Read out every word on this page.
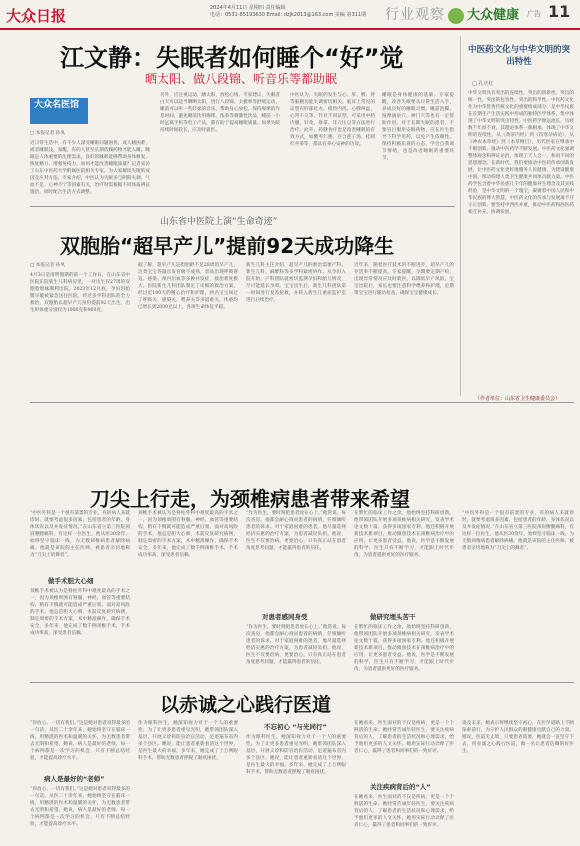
大众日报	2024年4月11日 星期四 责任编辑
电话：0531-85193630 Email: dzjk2013@163.com 美编 第311期 行业观察	大众健康 广告 11
江文静：失眠者如何睡个“好”觉
晒太阳、做八段锦、听音乐等都助眠
大众名医馆
□ 本报记者 孙凤
近日常生活中，有不少人深受睡眠问题困扰，或人睡困难，或者睡眠浅，易醒，有的人甚至长期依赖药物才能入睡。睡眠是人体重要的生理需求，良好的睡眠能够帮助身体修复、恢复精力、增强免疫力。如何才能改善睡眠质量？记者采访了山东中医药大学附属医院相关专家，为大家解读失眠的成因及应对方法。专家介绍，中医认为失眠多与阴阳失调、气血不足、心神不宁等因素有关，治疗时需根据不同体质辨证施治，同时配合生活方式调整。
另外，应注重运动，晒太阳，放松心情。专家建议，失眠者白天可以适当晒晒太阳，进行八段锦、太极拳等舒缓运动，睡前可以听一些轻柔的音乐，帮助身心放松。保持规律的作息时间，避免睡前饮用咖啡、浓茶等刺激性饮品，睡前一小时远离手机等电子产品，都有助于提高睡眠质量。如果失眠持续时间较长，应及时就医。
中医认为，失眠的发生与心、肝、脾、肾等脏腑功能失调密切相关。临床上常见的证型有肝郁化火、痰热内扰、心脾两虚、心肾不交等。针对不同证型，可采用中药内服、针灸、推拿、耳穴压豆等方法进行治疗。此外，药膳食疗也是改善睡眠的有效方式，如酸枣仁粥、百合莲子汤、桂圆红枣茶等，都具有养心安神的功效。
睡眠是身体健康的基础。专家提醒，改善失眠要从日常生活入手，养成良好的睡眠习惯。睡前泡脚、按摩涌泉穴、神门穴等也有一定帮助作用。对于长期失眠的患者，不要盲目服用安眠药物，应在医生指导下科学用药，以免产生依赖性。保持积极乐观的心态，学会自我调节情绪，也是改善睡眠的重要环节。
中医药文化与中华文明的突出特性
□ 孔庆红
中华文明具有突出的连续性、突出的创新性、突出的统一性、突出的包容性、突出的和平性。中医药文化作为中华优秀传统文化的重要组成部分，是中华民族在长期生产生活实践中形成的独特医学体系，集中体现了中华文明的突出特性。中医药学源远流长，历经数千年而不衰，其理论体系一脉相承，体现了中华文明的连续性。从《黄帝内经》到《伤寒杂病论》，从《神农本草经》到《本草纲目》，历代医家在继承中不断创新，推动中医药学不断发展。中医药文化强调整体观念和辨证论治，体现了天人合一、和而不同的思想理念。在新时代，我们要推动中医药传承创新发展，让中医药文化更好地服务人民健康，为建设健康中国、推动构建人类卫生健康共同体贡献力量。中医药学包含着中华民族几千年的健康养生理念及其实践经验，是中华文明的一个瑰宝，凝聚着中国人民和中华民族的博大智慧。中医药文化的传承与发展离不开守正创新，要坚持中西医并重，推动中医药和西医药相互补充、协调发展。
（作者单位：山东省卫生健康委员会）
山东省中医院上演“生命奇迹”
双胞胎“超早产儿”提前92天成功降生
□ 本报记者 孙凤
4月3日是清明假期的前一个工作日，在山东省中医院东院新生儿科病房里，一对出生仅27周的双胞胎姐妹顺利出院。2023年12月底，孕妇因胎膜早破被紧急送往医院，经过多学科团队的全力救治，双胞胎以超早产儿身份提前92天出生，出生时体重分别仅为1000克和960克。
据了解，超早产儿是指胎龄不足28周的早产儿，这类宝宝各器官发育极不成熟，容易出现呼吸窘迫、感染、颅内出血等多种并发症，救治难度极大。医院新生儿科团队制定了详细的救治方案，经过近100天的精心治疗和护理，两名宝宝闯过了呼吸关、感染关、喂养关等多道难关，体重均已增长到2000克以上，各项生命体征平稳。
新生儿科主任介绍，超早产儿的救治需要产科、新生儿科、麻醉科等多学科紧密协作。从孕妇入院开始，产科团队就密切监测孕妇和胎儿情况，尽可能延长孕周。宝宝出生后，新生儿科团队第一时间进行复苏抢救，并转入新生儿重症监护室进行后续治疗。
近年来，随着医疗技术的不断进步，超早产儿的存活率不断提高。专家提醒，孕期要定期产检，出现异常情况应及时就医，以降低早产风险。宝宝出院后，家长也要注意科学喂养和护理，定期带宝宝进行随访检查，确保宝宝健康成长。
刀尖上行走，为颈椎病患者带来希望
“中医外科是一个很有前景的专业，有的病人来就诊时，就要考虑很多因素，包括患者的年龄、身体状况以及并发症情况。”在山东省立第三医院颈肩腰腿痛科，有这样一位医生，他从医30余年，始终坚守临床一线，为无数颈椎病患者解除病痛。他就是该院的主任医师，被患者亲切地称为“刀尖上的舞者”。
做手术胆大心细
颈椎手术被认为是脊柱外科中难度最高的手术之一，因为颈椎周围有脊髓、神经、血管等重要结构，稍有不慎就可能造成严重后果。面对高风险的手术，他总是胆大心细，术前反复研究病例，制定周密的手术方案，术中精准操作，确保手术安全。多年来，他完成了数千例颈椎手术，手术成功率高，深受患者信赖。
颈椎手术被认为是脊柱外科中难度最高的手术之一，因为颈椎周围有脊髓、神经、血管等重要结构，稍有不慎就可能造成严重后果。面对高风险的手术，他总是胆大心细，术前反复研究病例，制定周密的手术方案，术中精准操作，确保手术安全。多年来，他完成了数千例颈椎手术，手术成功率高，深受患者信赖。
对患者感同身受
“作为医生，要时刻把患者放在心上。”他常说。每次查房，他都会耐心询问患者的病情，仔细倾听患者的诉求。对于家庭困难的患者，他尽量选择经济实惠的治疗方案，为患者减轻负担。他说，医生不仅要治病，更要治心，只有真正站在患者角度思考问题，才能赢得患者的信任。
“作为医生，要时刻把患者放在心上。”他常说。每次查房，他都会耐心询问患者的病情，仔细倾听患者的诉求。对于家庭困难的患者，他尽量选择经济实惠的治疗方案，为患者减轻负担。他说，医生不仅要治病，更要治心，只有真正站在患者角度思考问题，才能赢得患者的信任。
做研究埋头苦干
在繁忙的临床工作之余，他始终坚持科研创新。他带领团队开展多项颈椎病相关研究，发表学术论文数十篇，获得多项国家专利。他还积极开展新技术新项目，推动微创技术在颈椎病治疗中的应用，让更多患者受益。他说，医学是不断发展的科学，医生只有不断学习，才能跟上时代步伐，为患者提供更好的医疗服务。
在繁忙的临床工作之余，他始终坚持科研创新。他带领团队开展多项颈椎病相关研究，发表学术论文数十篇，获得多项国家专利。他还积极开展新技术新项目，推动微创技术在颈椎病治疗中的应用，让更多患者受益。他说，医学是不断发展的科学，医生只有不断学习，才能跟上时代步伐，为患者提供更好的医疗服务。
“中医外科是一个很有前景的专业，有的病人来就诊时，就要考虑很多因素，包括患者的年龄、身体状况以及并发症情况。”在山东省立第三医院颈肩腰腿痛科，有这样一位医生，他从医30余年，始终坚守临床一线，为无数颈椎病患者解除病痛。他就是该院的主任医师，被患者亲切地称为“刀尖上的舞者”。
以赤诚之心践行医道
“你放心，一切有我们。”这是她对患者说得最多的一句话。从医二十余年来，她始终坚守在临床一线，用精湛的医术和温暖的关怀，为无数患者带去光明和希望。她说，病人是最好的老师，每一个病例都是一次学习的机会，只有不断总结经验，才能提高诊疗水平。
病人是最好的“老师”
“你放心，一切有我们。”这是她对患者说得最多的一句话。从医二十余年来，她始终坚守在临床一线，用精湛的医术和温暖的关怀，为无数患者带去光明和希望。她说，病人是最好的老师，每一个病例都是一次学习的机会，只有不断总结经验，才能提高诊疗水平。
作为眼科医生，她深知视力对于一个人的重要性。为了让更多患者重见光明，她带领团队深入基层，开展义诊和防盲治盲活动，足迹遍布省内多个县区。她说，能让患者重新看清这个世界，是医生最大的幸福。多年来，她完成了上万例眼科手术，帮助无数患者摆脱了眼疾困扰。
不忘初心 “与光同行”
作为眼科医生，她深知视力对于一个人的重要性。为了让更多患者重见光明，她带领团队深入基层，开展义诊和防盲治盲活动，足迹遍布省内多个县区。她说，能让患者重新看清这个世界，是医生最大的幸福。多年来，她完成了上万例眼科手术，帮助无数患者摆脱了眼疾困扰。
关注疾病背后的“人”
在她看来，医生面对的不仅是疾病，更是一个个鲜活的生命。她经常告诫年轻医生，要关注疾病背后的人，了解患者的生活状况和心理需求，给予他们更多的人文关怀。她用实际行动诠释了医者仁心，赢得了患者和同事们的一致好评。
在她看来，医生面对的不仅是疾病，更是一个个鲜活的生命。她经常告诫年轻医生，要关注疾病背后的人，了解患者的生活状况和心理需求，给予他们更多的人文关怀。她用实际行动诠释了医者仁心，赢得了患者和同事们的一致好评。
谈及未来，她表示将继续坚守初心，在医学道路上不断探索前行，为守护人民群众的眼健康贡献自己的力量。她说，医道无止境，只要患者需要，她就会一直坚守下去，用赤诚之心践行医道，做一名让患者信赖的好医生。
